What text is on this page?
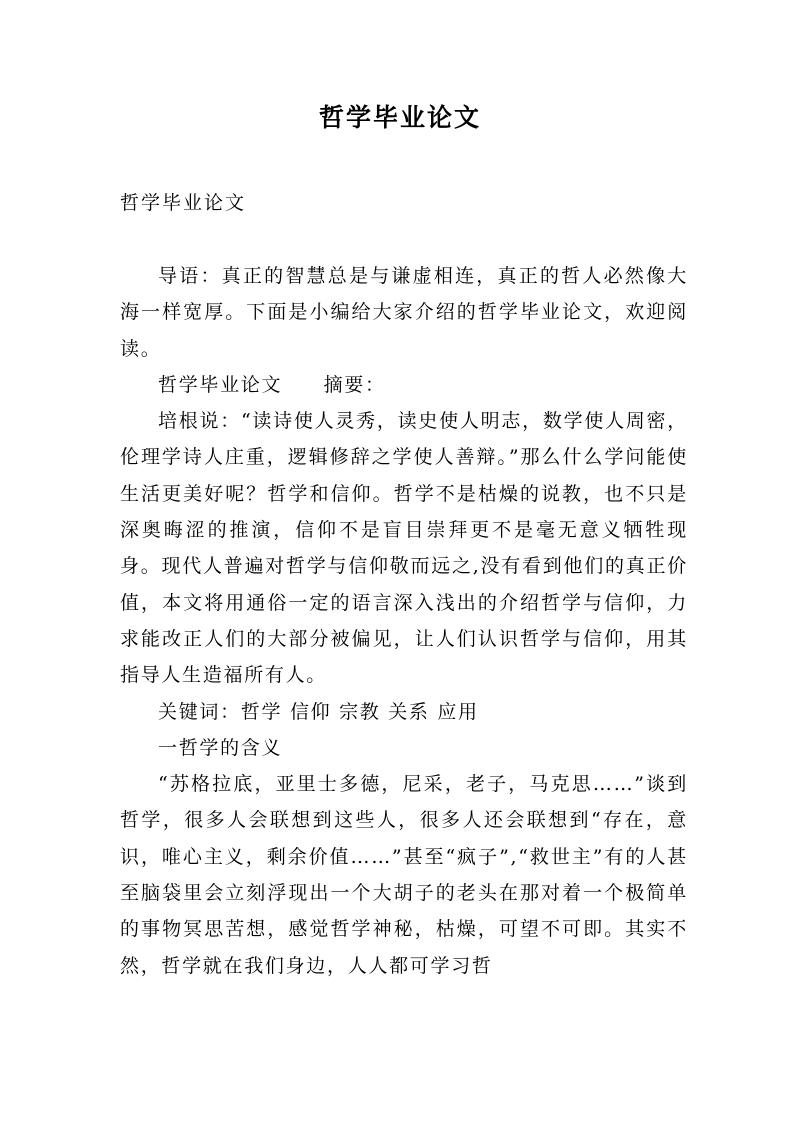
哲学毕业论文
哲学毕业论文

导语：真正的智慧总是与谦虚相连，真正的哲人必然像大海一样宽厚。下面是小编给大家介绍的哲学毕业论文，欢迎阅读。

哲学毕业论文　　摘要：

培根说：“读诗使人灵秀，读史使人明志，数学使人周密，伦理学诗人庄重，逻辑修辞之学使人善辩。”那么什么学问能使生活更美好呢？哲学和信仰。哲学不是枯燥的说教，也不只是深奥晦涩的推演，信仰不是盲目崇拜更不是毫无意义牺牲现身。现代人普遍对哲学与信仰敬而远之,没有看到他们的真正价值，本文将用通俗一定的语言深入浅出的介绍哲学与信仰，力求能改正人们的大部分被偏见，让人们认识哲学与信仰，用其指导人生造福所有人。

关键词：哲学 信仰 宗教 关系 应用

一哲学的含义

“苏格拉底，亚里士多德，尼采，老子，马克思……”谈到哲学，很多人会联想到这些人，很多人还会联想到“存在，意识，唯心主义，剩余价值……”甚至“疯子”,“救世主”有的人甚至脑袋里会立刻浮现出一个大胡子的老头在那对着一个极简单的事物冥思苦想，感觉哲学神秘，枯燥，可望不可即。其实不然，哲学就在我们身边，人人都可学习哲
